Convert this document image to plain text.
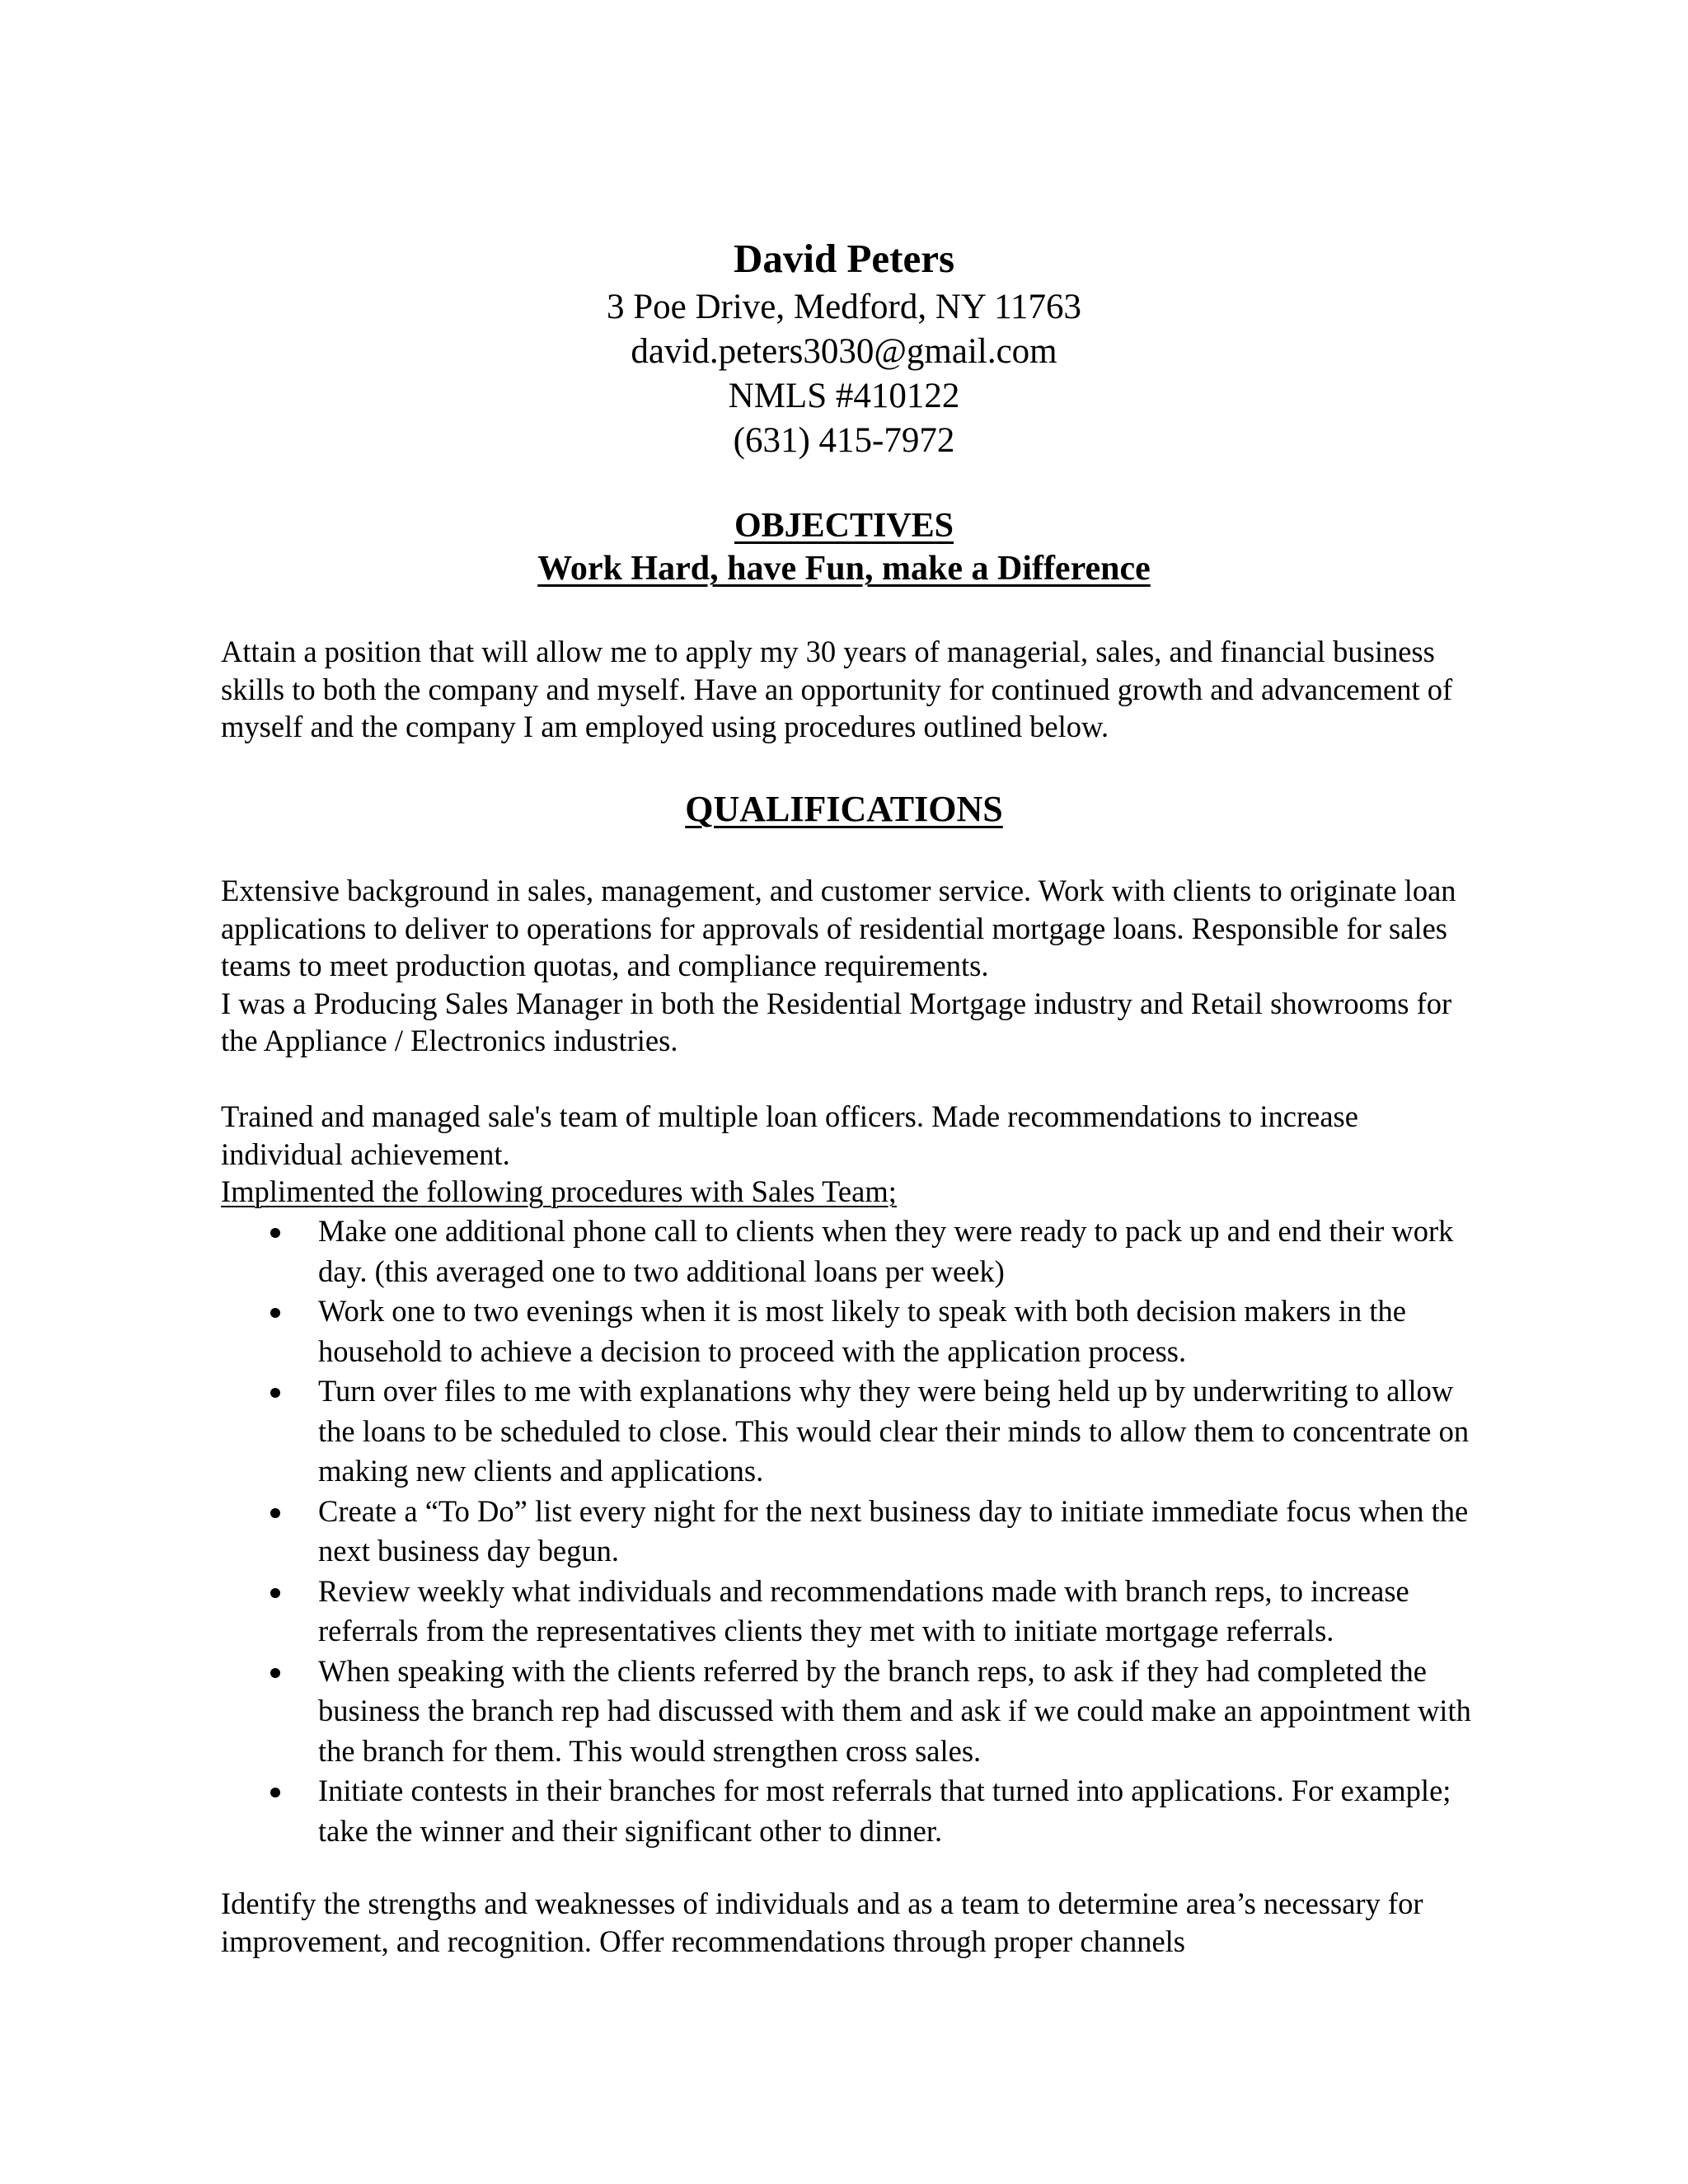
David Peters

3 Poe Drive, Medford, NY 11763

david.peters3030@gmail.com

NMLS #410122

(631) 415-7972

OBJECTIVES

Work Hard, have Fun, make a Difference

Attain a position that will allow me to apply my 30 years of managerial, sales, and financial business skills to both the company and myself. Have an opportunity for continued growth and advancement of myself and the company I am employed using procedures outlined below.

QUALIFICATIONS

Extensive background in sales, management, and customer service. Work with clients to originate loan applications to deliver to operations for approvals of residential mortgage loans. Responsible for sales teams to meet production quotas, and compliance requirements.
I was a Producing Sales Manager in both the Residential Mortgage industry and Retail showrooms for the Appliance / Electronics industries.

Trained and managed sale's team of multiple loan officers. Made recommendations to increase individual achievement.

Implimented the following procedures with Sales Team;

Make one additional phone call to clients when they were ready to pack up and end their work day. (this averaged one to two additional loans per week)
Work one to two evenings when it is most likely to speak with both decision makers in the household to achieve a decision to proceed with the application process.
Turn over files to me with explanations why they were being held up by underwriting to allow the loans to be scheduled to close. This would clear their minds to allow them to concentrate on making new clients and applications.
Create a “To Do” list every night for the next business day to initiate immediate focus when the next business day begun.
Review weekly what individuals and recommendations made with branch reps, to increase referrals from the representatives clients they met with to initiate mortgage referrals.
When speaking with the clients referred by the branch reps, to ask if they had completed the business the branch rep had discussed with them and ask if we could make an appointment with the branch for them. This would strengthen cross sales.
Initiate contests in their branches for most referrals that turned into applications. For example; take the winner and their significant other to dinner.

Identify the strengths and weaknesses of individuals and as a team to determine area’s necessary for improvement, and recognition. Offer recommendations through proper channels
